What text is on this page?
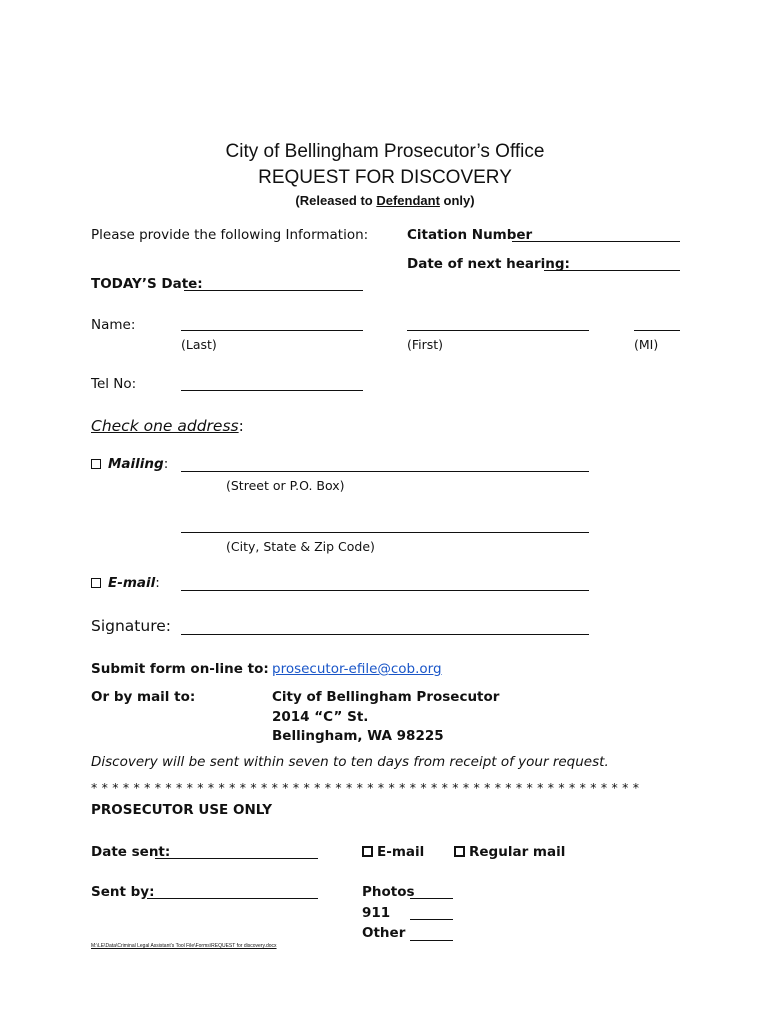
City of Bellingham Prosecutor’s Office
REQUEST FOR DISCOVERY
(Released to Defendant only)
Please provide the following Information:	Citation Number
Date of next hearing:
TODAY’S Date:
Name:
(Last)	(First)	(MI)
Tel No:
Check one address:
Mailing:
(Street or P.O. Box)
(City, State & Zip Code)
E-mail:
Signature:
Submit form on-line to: prosecutor-efile@cob.org
Or by mail to:	City of Bellingham Prosecutor
2014 “C” St.
Bellingham, WA 98225
Discovery will be sent within seven to ten days from receipt of your request.
* * * * * * * * * * * * * * * * * * * * * * * * * * * * * * * * * * * * * * * * * * * * * * * * * * * *
PROSECUTOR USE ONLY
Date sent:	E-mail	Regular mail
Sent by:	Photos
911
Other
M:\LE\Data\Criminal Legal Assistant’s Tool File\Forms\REQUEST for discovery.docx
